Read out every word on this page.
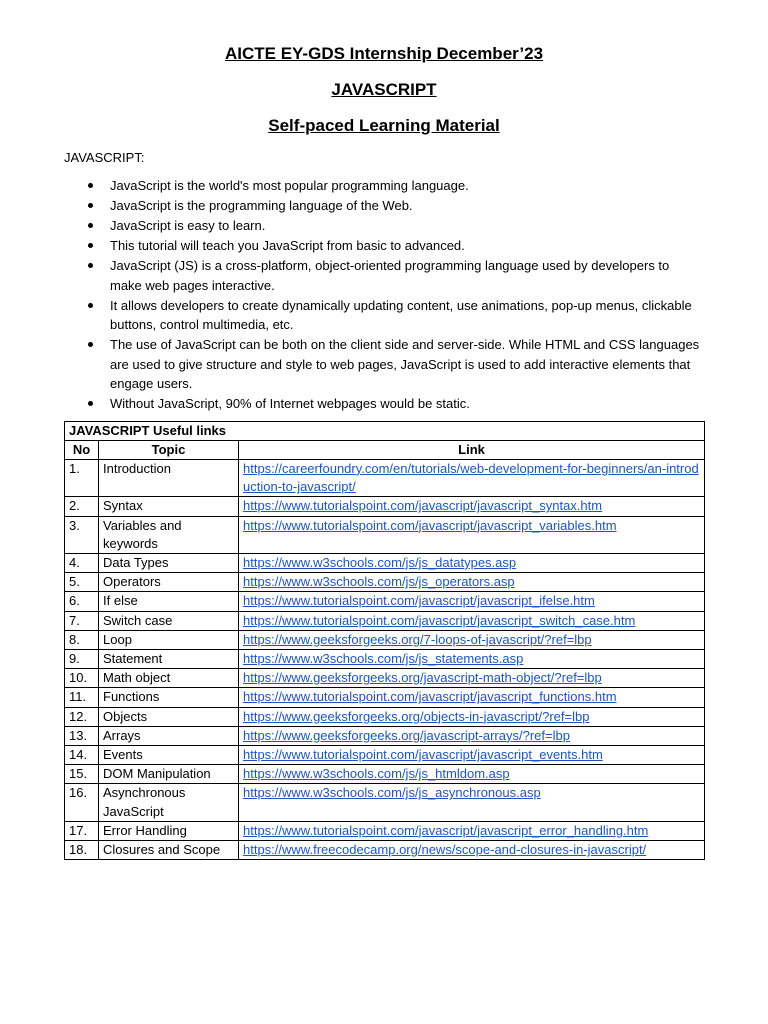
AICTE EY-GDS Internship December’23
JAVASCRIPT
Self-paced Learning Material

JAVASCRIPT:

JavaScript is the world's most popular programming language.
JavaScript is the programming language of the Web.
JavaScript is easy to learn.
This tutorial will teach you JavaScript from basic to advanced.
JavaScript (JS) is a cross-platform, object-oriented programming language used by developers to make web pages interactive.
It allows developers to create dynamically updating content, use animations, pop-up menus, clickable buttons, control multimedia, etc.
The use of JavaScript can be both on the client side and server-side. While HTML and CSS languages are used to give structure and style to web pages, JavaScript is used to add interactive elements that engage users.
Without JavaScript, 90% of Internet webpages would be static.
JAVASCRIPT Useful links		
No	Topic	Link
1.	Introduction	https://careerfoundry.com/en/tutorials/web-development-for-beginners/an-introduction-to-javascript/
2.	Syntax	https://www.tutorialspoint.com/javascript/javascript_syntax.htm
3.	Variables and keywords	https://www.tutorialspoint.com/javascript/javascript_variables.htm
4.	Data Types	https://www.w3schools.com/js/js_datatypes.asp
5.	Operators	https://www.w3schools.com/js/js_operators.asp
6.	If else	https://www.tutorialspoint.com/javascript/javascript_ifelse.htm
7.	Switch case	https://www.tutorialspoint.com/javascript/javascript_switch_case.htm
8.	Loop	https://www.geeksforgeeks.org/7-loops-of-javascript/?ref=lbp
9.	Statement	https://www.w3schools.com/js/js_statements.asp
10.	Math object	https://www.geeksforgeeks.org/javascript-math-object/?ref=lbp
11.	Functions	https://www.tutorialspoint.com/javascript/javascript_functions.htm
12.	Objects	https://www.geeksforgeeks.org/objects-in-javascript/?ref=lbp
13.	Arrays	https://www.geeksforgeeks.org/javascript-arrays/?ref=lbp
14.	Events	https://www.tutorialspoint.com/javascript/javascript_events.htm
15.	DOM Manipulation	https://www.w3schools.com/js/js_htmldom.asp
16.	Asynchronous JavaScript	https://www.w3schools.com/js/js_asynchronous.asp
17.	Error Handling	https://www.tutorialspoint.com/javascript/javascript_error_handling.htm
18.	Closures and Scope	https://www.freecodecamp.org/news/scope-and-closures-in-javascript/
